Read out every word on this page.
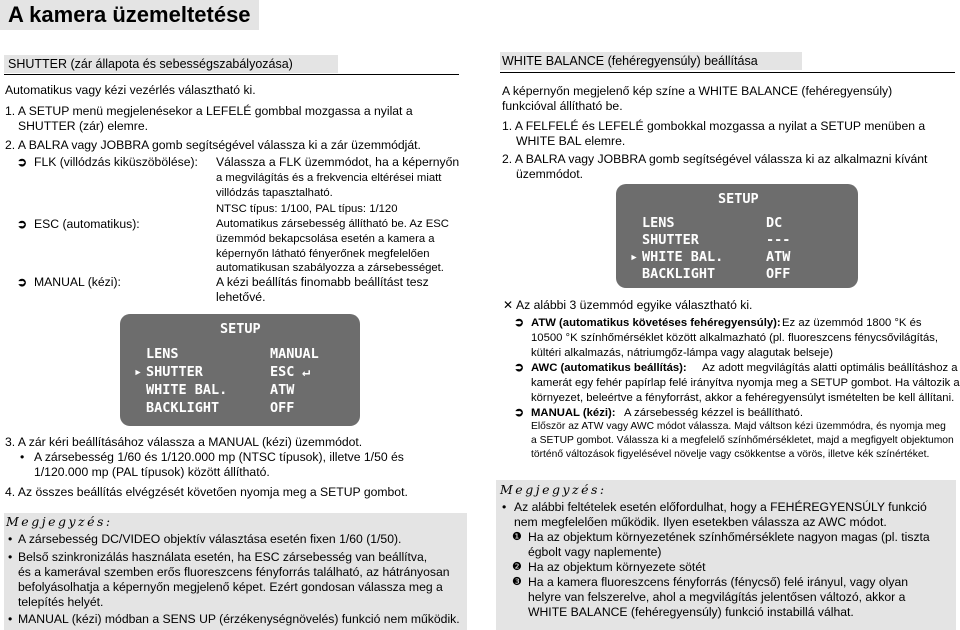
A kamera üzemeltetése
SHUTTER (zár állapota és sebességszabályozása)
Automatikus vagy kézi vezérlés választható ki.
1. A SETUP menü megjelenésekor a LEFELÉ gombbal mozgassa a nyilat a
SHUTTER (zár) elemre.
2. A BALRA vagy JOBBRA gomb segítségével válassza ki a zár üzemmódját.
➲ FLK (villódzás kiküszöbölése): Válassza a FLK üzemmódot, ha a képernyőn
a megvilágítás és a frekvencia eltérései miatt
villódzás tapasztalható.
NTSC típus: 1/100, PAL típus: 1/120
➲ ESC (automatikus):	Automatikus zársebesség állítható be. Az ESC
üzemmód bekapcsolása esetén a kamera a
képernyőn látható fényerőnek megfelelően
automatikusan szabályozza a zársebességet.
➲ MANUAL (kézi):	A kézi beállítás finomabb beállítást tesz
lehetővé.
SETUP
LENS	MANUAL
SHUTTER	ESC
WHITE BAL.	ATW
BACKLIGHT	OFF
▸	↵
3. A zár kéri beállításához válassza a MANUAL (kézi) üzemmódot.
• A zársebesség 1/60 és 1/120.000 mp (NTSC típusok), illetve 1/50 és
1/120.000 mp (PAL típusok) között állítható.
4. Az összes beállítás elvégzését követően nyomja meg a SETUP gombot.
Megjegyzés:
• A zársebesség DC/VIDEO objektív választása esetén fixen 1/60 (1/50).
• Belső szinkronizálás használata esetén, ha ESC zársebesség van beállítva,
és a kamerával szemben erős fluoreszcens fényforrás található, az hátrányosan
befolyásolhatja a képernyőn megjelenő képet. Ezért gondosan válassza meg a
telepítés helyét.
• MANUAL (kézi) módban a SENS UP (érzékenységnövelés) funkció nem működik.
WHITE BALANCE (fehéregyensúly) beállítása
A képernyőn megjelenő kép színe a WHITE BALANCE (fehéregyensúly)
funkcióval állítható be.
1. A FELFELÉ és LEFELÉ gombokkal mozgassa a nyilat a SETUP menüben a
WHITE BAL elemre.
2. A BALRA vagy JOBBRA gomb segítségével válassza ki az alkalmazni kívánt
üzemmódot.
SETUP
LENS	DC
SHUTTER	---
WHITE BAL.	ATW
BACKLIGHT	OFF
▸
✕ Az alábbi 3 üzemmód egyike választható ki.
➲ ATW (automatikus követéses fehéregyensúly): Ez az üzemmód 1800 °K és
10500 °K színhőmérséklet között alkalmazható (pl. fluoreszcens fénycsővilágítás,
kültéri alkalmazás, nátriumgőz-lámpa vagy alagutak belseje)
➲ AWC (automatikus beállítás): Az adott megvilágítás alatti optimális beállításhoz a
kamerát egy fehér papírlap felé irányítva nyomja meg a SETUP gombot. Ha változik a
környezet, beleértve a fényforrást, akkor a fehéregyensúlyt ismételten be kell állítani.
➲ MANUAL (kézi): A zársebesség kézzel is beállítható.
Először az ATW vagy AWC módot válassza. Majd váltson kézi üzemmódra, és nyomja meg
a SETUP gombot. Válassza ki a megfelelő színhőmérsékletet, majd a megfigyelt objektumon
történő változások figyelésével növelje vagy csökkentse a vörös, illetve kék színértéket.
Megjegyzés:
• Az alábbi feltételek esetén előfordulhat, hogy a FEHÉREGYENSÚLY funkció
nem megfelelően működik. Ilyen esetekben válassza az AWC módot.
❶ Ha az objektum környezetének színhőmérséklete nagyon magas (pl. tiszta
égbolt vagy naplemente)
❷ Ha az objektum környezete sötét
❸ Ha a kamera fluoreszcens fényforrás (fénycső) felé irányul, vagy olyan
helyre van felszerelve, ahol a megvilágítás jelentősen változó, akkor a
WHITE BALANCE (fehéregyensúly) funkció instabillá válhat.
